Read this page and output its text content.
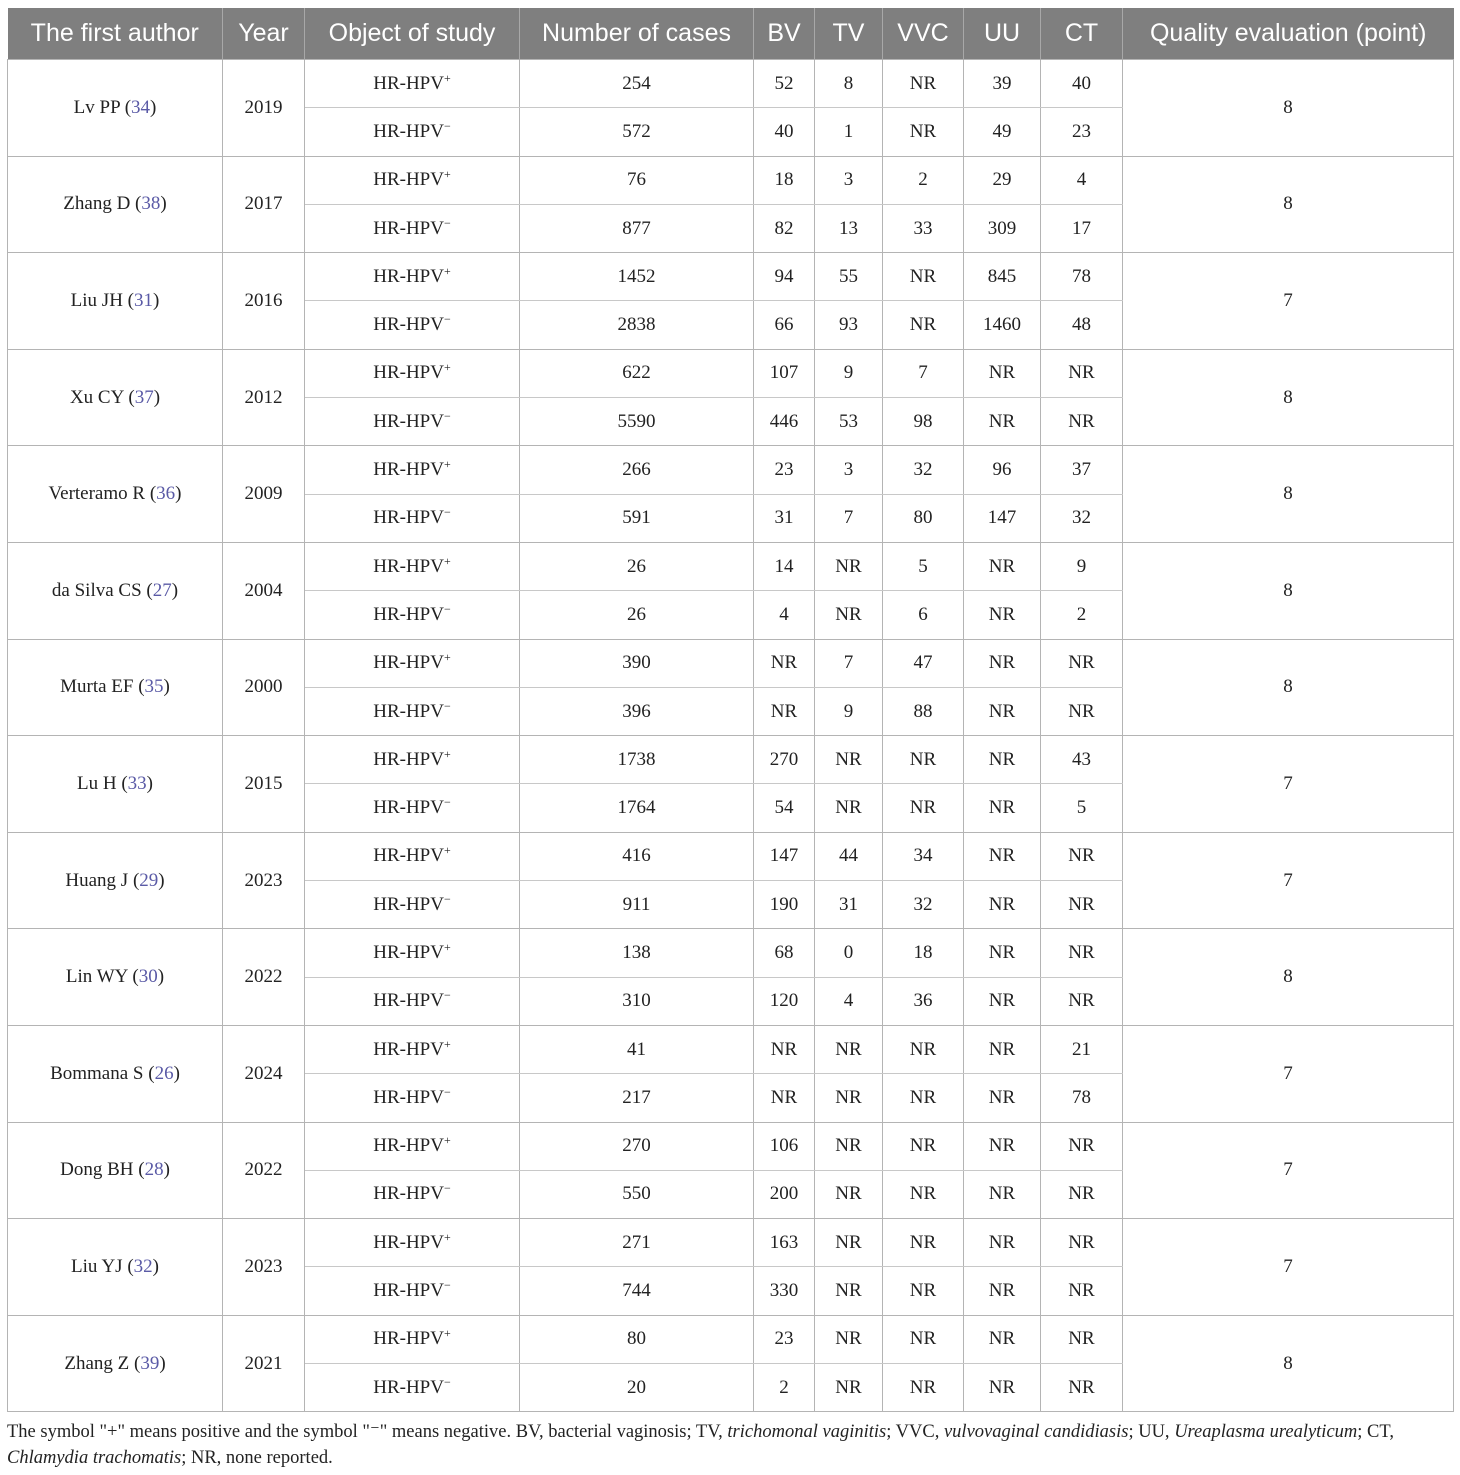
The first author	Year	Object of study	Number of cases	BV	TV	VVC	UU	CT	Quality evaluation (point)
Lv PP (34)	2019	HR-HPV+	254	52	8	NR	39	40	8
		HR-HPV−	572	40	1	NR	49	23	
Zhang D (38)	2017	HR-HPV+	76	18	3	2	29	4	8
		HR-HPV−	877	82	13	33	309	17	
Liu JH (31)	2016	HR-HPV+	1452	94	55	NR	845	78	7
		HR-HPV−	2838	66	93	NR	1460	48	
Xu CY (37)	2012	HR-HPV+	622	107	9	7	NR	NR	8
		HR-HPV−	5590	446	53	98	NR	NR	
Verteramo R (36)	2009	HR-HPV+	266	23	3	32	96	37	8
		HR-HPV−	591	31	7	80	147	32	
da Silva CS (27)	2004	HR-HPV+	26	14	NR	5	NR	9	8
		HR-HPV−	26	4	NR	6	NR	2	
Murta EF (35)	2000	HR-HPV+	390	NR	7	47	NR	NR	8
		HR-HPV−	396	NR	9	88	NR	NR	
Lu H (33)	2015	HR-HPV+	1738	270	NR	NR	NR	43	7
		HR-HPV−	1764	54	NR	NR	NR	5	
Huang J (29)	2023	HR-HPV+	416	147	44	34	NR	NR	7
		HR-HPV−	911	190	31	32	NR	NR	
Lin WY (30)	2022	HR-HPV+	138	68	0	18	NR	NR	8
		HR-HPV−	310	120	4	36	NR	NR	
Bommana S (26)	2024	HR-HPV+	41	NR	NR	NR	NR	21	7
		HR-HPV−	217	NR	NR	NR	NR	78	
Dong BH (28)	2022	HR-HPV+	270	106	NR	NR	NR	NR	7
		HR-HPV−	550	200	NR	NR	NR	NR	
Liu YJ (32)	2023	HR-HPV+	271	163	NR	NR	NR	NR	7
		HR-HPV−	744	330	NR	NR	NR	NR	
Zhang Z (39)	2021	HR-HPV+	80	23	NR	NR	NR	NR	8
		HR-HPV−	20	2	NR	NR	NR	NR	
The symbol "+" means positive and the symbol "⁻" means negative. BV, bacterial vaginosis; TV, trichomonal vaginitis; VVC, vulvovaginal candidiasis; UU, Ureaplasma urealyticum; CT, Chlamydia trachomatis; NR, none reported.
